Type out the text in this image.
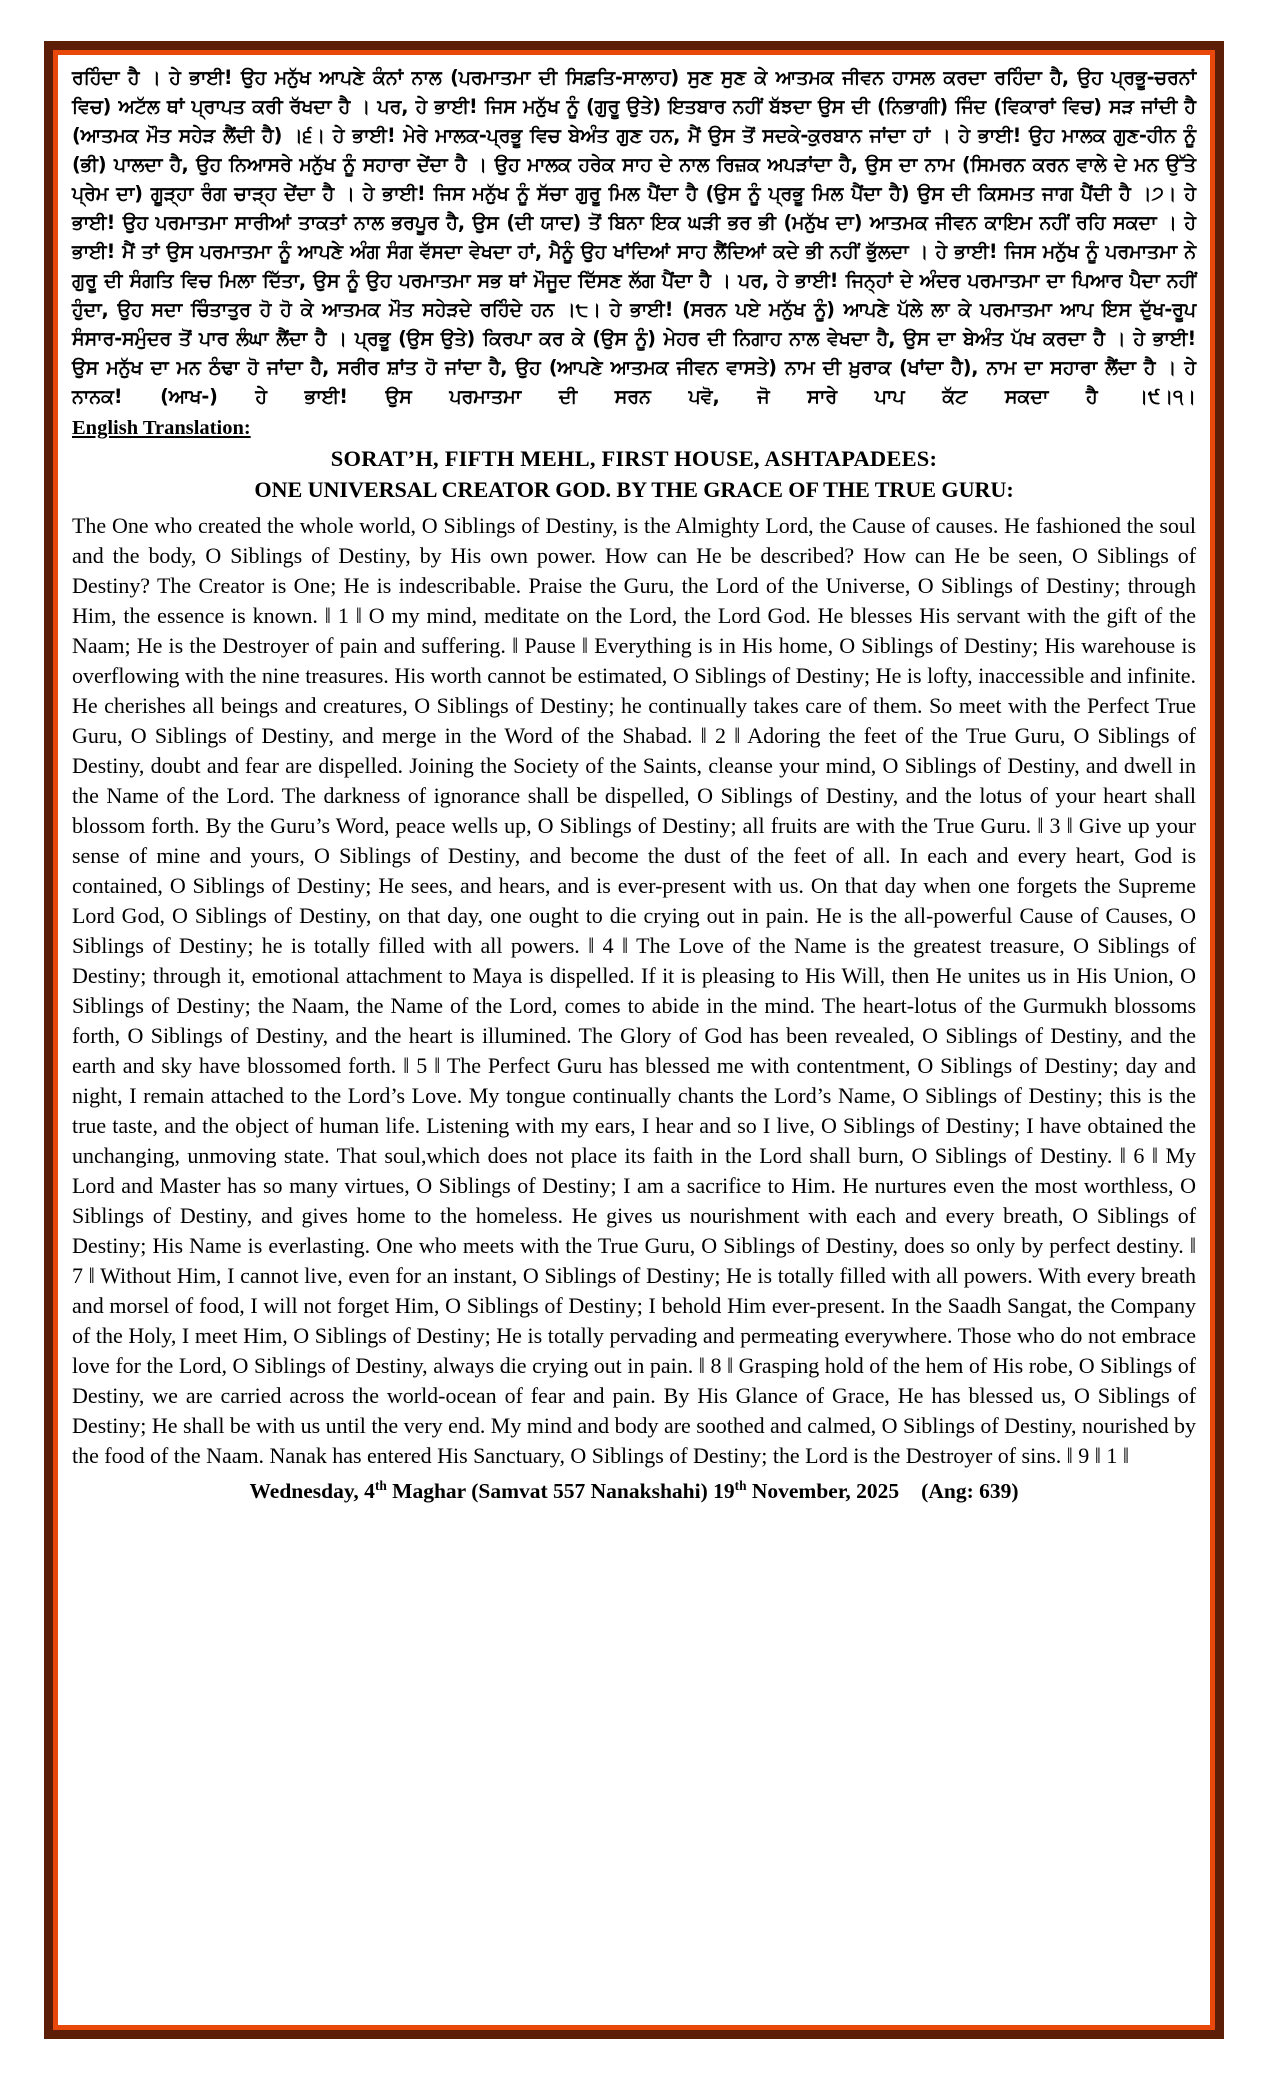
ਰਹਿੰਦਾ ਹੈ । ਹੇ ਭਾਈ! ਉਹ ਮਨੁੱਖ ਆਪਣੇ ਕੰਨਾਂ ਨਾਲ (ਪਰਮਾਤਮਾ ਦੀ ਸਿਫ਼ਤਿ-ਸਾਲਾਹ) ਸੁਣ ਸੁਣ ਕੇ ਆਤਮਕ ਜੀਵਨ ਹਾਸਲ ਕਰਦਾ ਰਹਿੰਦਾ ਹੈ, ਉਹ ਪ੍ਰਭੂ-ਚਰਨਾਂ ਵਿਚ) ਅਟੱਲ ਥਾਂ ਪ੍ਰਾਪਤ ਕਰੀ ਰੱਖਦਾ ਹੈ । ਪਰ, ਹੇ ਭਾਈ! ਜਿਸ ਮਨੁੱਖ ਨੂੰ (ਗੁਰੂ ਉਤੇ) ਇਤਬਾਰ ਨਹੀਂ ਬੱਝਦਾ ਉਸ ਦੀ (ਨਿਭਾਗੀ) ਜਿੰਦ (ਵਿਕਾਰਾਂ ਵਿਚ) ਸੜ ਜਾਂਦੀ ਹੈ (ਆਤਮਕ ਮੌਤ ਸਹੇੜ ਲੈਂਦੀ ਹੈ) ।੬। ਹੇ ਭਾਈ! ਮੇਰੇ ਮਾਲਕ-ਪ੍ਰਭੂ ਵਿਚ ਬੇਅੰਤ ਗੁਣ ਹਨ, ਮੈਂ ਉਸ ਤੋਂ ਸਦਕੇ-ਕੁਰਬਾਨ ਜਾਂਦਾ ਹਾਂ । ਹੇ ਭਾਈ! ਉਹ ਮਾਲਕ ਗੁਣ-ਹੀਨ ਨੂੰ (ਭੀ) ਪਾਲਦਾ ਹੈ, ਉਹ ਨਿਆਸਰੇ ਮਨੁੱਖ ਨੂੰ ਸਹਾਰਾ ਦੇਂਦਾ ਹੈ । ਉਹ ਮਾਲਕ ਹਰੇਕ ਸਾਹ ਦੇ ਨਾਲ ਰਿਜ਼ਕ ਅਪੜਾਂਦਾ ਹੈ, ਉਸ ਦਾ ਨਾਮ (ਸਿਮਰਨ ਕਰਨ ਵਾਲੇ ਦੇ ਮਨ ਉੱਤੇ ਪ੍ਰੇਮ ਦਾ) ਗੂੜ੍ਹਾ ਰੰਗ ਚਾੜ੍ਹ ਦੇਂਦਾ ਹੈ । ਹੇ ਭਾਈ! ਜਿਸ ਮਨੁੱਖ ਨੂੰ ਸੱਚਾ ਗੁਰੂ ਮਿਲ ਪੈਂਦਾ ਹੈ (ਉਸ ਨੂੰ ਪ੍ਰਭੂ ਮਿਲ ਪੈਂਦਾ ਹੈ) ਉਸ ਦੀ ਕਿਸਮਤ ਜਾਗ ਪੈਂਦੀ ਹੈ ।੭। ਹੇ ਭਾਈ! ਉਹ ਪਰਮਾਤਮਾ ਸਾਰੀਆਂ ਤਾਕਤਾਂ ਨਾਲ ਭਰਪੂਰ ਹੈ, ਉਸ (ਦੀ ਯਾਦ) ਤੋਂ ਬਿਨਾ ਇਕ ਘੜੀ ਭਰ ਭੀ (ਮਨੁੱਖ ਦਾ) ਆਤਮਕ ਜੀਵਨ ਕਾਇਮ ਨਹੀਂ ਰਹਿ ਸਕਦਾ । ਹੇ ਭਾਈ! ਮੈਂ ਤਾਂ ਉਸ ਪਰਮਾਤਮਾ ਨੂੰ ਆਪਣੇ ਅੰਗ ਸੰਗ ਵੱਸਦਾ ਵੇਖਦਾ ਹਾਂ, ਮੈਨੂੰ ਉਹ ਖਾਂਦਿਆਂ ਸਾਹ ਲੈਂਦਿਆਂ ਕਦੇ ਭੀ ਨਹੀਂ ਭੁੱਲਦਾ । ਹੇ ਭਾਈ! ਜਿਸ ਮਨੁੱਖ ਨੂੰ ਪਰਮਾਤਮਾ ਨੇ ਗੁਰੂ ਦੀ ਸੰਗਤਿ ਵਿਚ ਮਿਲਾ ਦਿੱਤਾ, ਉਸ ਨੂੰ ਉਹ ਪਰਮਾਤਮਾ ਸਭ ਥਾਂ ਮੌਜੂਦ ਦਿੱਸਣ ਲੱਗ ਪੈਂਦਾ ਹੈ । ਪਰ, ਹੇ ਭਾਈ! ਜਿਨ੍ਹਾਂ ਦੇ ਅੰਦਰ ਪਰਮਾਤਮਾ ਦਾ ਪਿਆਰ ਪੈਦਾ ਨਹੀਂ ਹੁੰਦਾ, ਉਹ ਸਦਾ ਚਿੰਤਾਤੁਰ ਹੋ ਹੋ ਕੇ ਆਤਮਕ ਮੌਤ ਸਹੇੜਦੇ ਰਹਿੰਦੇ ਹਨ ।੮। ਹੇ ਭਾਈ! (ਸਰਨ ਪਏ ਮਨੁੱਖ ਨੂੰ) ਆਪਣੇ ਪੱਲੇ ਲਾ ਕੇ ਪਰਮਾਤਮਾ ਆਪ ਇਸ ਦੁੱਖ-ਰੂਪ ਸੰਸਾਰ-ਸਮੁੰਦਰ ਤੋਂ ਪਾਰ ਲੰਘਾ ਲੈਂਦਾ ਹੈ । ਪ੍ਰਭੂ (ਉਸ ਉਤੇ) ਕਿਰਪਾ ਕਰ ਕੇ (ਉਸ ਨੂੰ) ਮੇਹਰ ਦੀ ਨਿਗਾਹ ਨਾਲ ਵੇਖਦਾ ਹੈ, ਉਸ ਦਾ ਬੇਅੰਤ ਪੱਖ ਕਰਦਾ ਹੈ । ਹੇ ਭਾਈ! ਉਸ ਮਨੁੱਖ ਦਾ ਮਨ ਠੰਢਾ ਹੋ ਜਾਂਦਾ ਹੈ, ਸਰੀਰ ਸ਼ਾਂਤ ਹੋ ਜਾਂਦਾ ਹੈ, ਉਹ (ਆਪਣੇ ਆਤਮਕ ਜੀਵਨ ਵਾਸਤੇ) ਨਾਮ ਦੀ ਖ਼ੁਰਾਕ (ਖਾਂਦਾ ਹੈ), ਨਾਮ ਦਾ ਸਹਾਰਾ ਲੈਂਦਾ ਹੈ । ਹੇ ਨਾਨਕ! (ਆਖ-) ਹੇ ਭਾਈ! ਉਸ ਪਰਮਾਤਮਾ ਦੀ ਸਰਨ ਪਵੋ, ਜੋ ਸਾਰੇ ਪਾਪ ਕੱਟ ਸਕਦਾ ਹੈ ।੯।੧।

English Translation:
SORAT’H, FIFTH MEHL, FIRST HOUSE, ASHTAPADEES:
ONE UNIVERSAL CREATOR GOD. BY THE GRACE OF THE TRUE GURU:

The One who created the whole world, O Siblings of Destiny, is the Almighty Lord, the Cause of causes. He fashioned the soul and the body, O Siblings of Destiny, by His own power. How can He be described? How can He be seen, O Siblings of Destiny? The Creator is One; He is indescribable. Praise the Guru, the Lord of the Universe, O Siblings of Destiny; through Him, the essence is known. ‖ 1 ‖ O my mind, meditate on the Lord, the Lord God. He blesses His servant with the gift of the Naam; He is the Destroyer of pain and suffering. ‖ Pause ‖ Everything is in His home, O Siblings of Destiny; His warehouse is overflowing with the nine treasures. His worth cannot be estimated, O Siblings of Destiny; He is lofty, inaccessible and infinite. He cherishes all beings and creatures, O Siblings of Destiny; he continually takes care of them. So meet with the Perfect True Guru, O Siblings of Destiny, and merge in the Word of the Shabad. ‖ 2 ‖ Adoring the feet of the True Guru, O Siblings of Destiny, doubt and fear are dispelled. Joining the Society of the Saints, cleanse your mind, O Siblings of Destiny, and dwell in the Name of the Lord. The darkness of ignorance shall be dispelled, O Siblings of Destiny, and the lotus of your heart shall blossom forth. By the Guru’s Word, peace wells up, O Siblings of Destiny; all fruits are with the True Guru. ‖ 3 ‖ Give up your sense of mine and yours, O Siblings of Destiny, and become the dust of the feet of all. In each and every heart, God is contained, O Siblings of Destiny; He sees, and hears, and is ever-present with us. On that day when one forgets the Supreme Lord God, O Siblings of Destiny, on that day, one ought to die crying out in pain. He is the all-powerful Cause of Causes, O Siblings of Destiny; he is totally filled with all powers. ‖ 4 ‖ The Love of the Name is the greatest treasure, O Siblings of Destiny; through it, emotional attachment to Maya is dispelled. If it is pleasing to His Will, then He unites us in His Union, O Siblings of Destiny; the Naam, the Name of the Lord, comes to abide in the mind. The heart-lotus of the Gurmukh blossoms forth, O Siblings of Destiny, and the heart is illumined. The Glory of God has been revealed, O Siblings of Destiny, and the earth and sky have blossomed forth. ‖ 5 ‖ The Perfect Guru has blessed me with contentment, O Siblings of Destiny; day and night, I remain attached to the Lord’s Love. My tongue continually chants the Lord’s Name, O Siblings of Destiny; this is the true taste, and the object of human life. Listening with my ears, I hear and so I live, O Siblings of Destiny; I have obtained the unchanging, unmoving state. That soul,which does not place its faith in the Lord shall burn, O Siblings of Destiny. ‖ 6 ‖ My Lord and Master has so many virtues, O Siblings of Destiny; I am a sacrifice to Him. He nurtures even the most worthless, O Siblings of Destiny, and gives home to the homeless. He gives us nourishment with each and every breath, O Siblings of Destiny; His Name is everlasting. One who meets with the True Guru, O Siblings of Destiny, does so only by perfect destiny. ‖ 7 ‖ Without Him, I cannot live, even for an instant, O Siblings of Destiny; He is totally filled with all powers. With every breath and morsel of food, I will not forget Him, O Siblings of Destiny; I behold Him ever-present. In the Saadh Sangat, the Company of the Holy, I meet Him, O Siblings of Destiny; He is totally pervading and permeating everywhere. Those who do not embrace love for the Lord, O Siblings of Destiny, always die crying out in pain. ‖ 8 ‖ Grasping hold of the hem of His robe, O Siblings of Destiny, we are carried across the world-ocean of fear and pain. By His Glance of Grace, He has blessed us, O Siblings of Destiny; He shall be with us until the very end. My mind and body are soothed and calmed, O Siblings of Destiny, nourished by the food of the Naam. Nanak has entered His Sanctuary, O Siblings of Destiny; the Lord is the Destroyer of sins. ‖ 9 ‖ 1 ‖

Wednesday, 4th Maghar (Samvat 557 Nanakshahi) 19th November, 2025 (Ang: 639)
